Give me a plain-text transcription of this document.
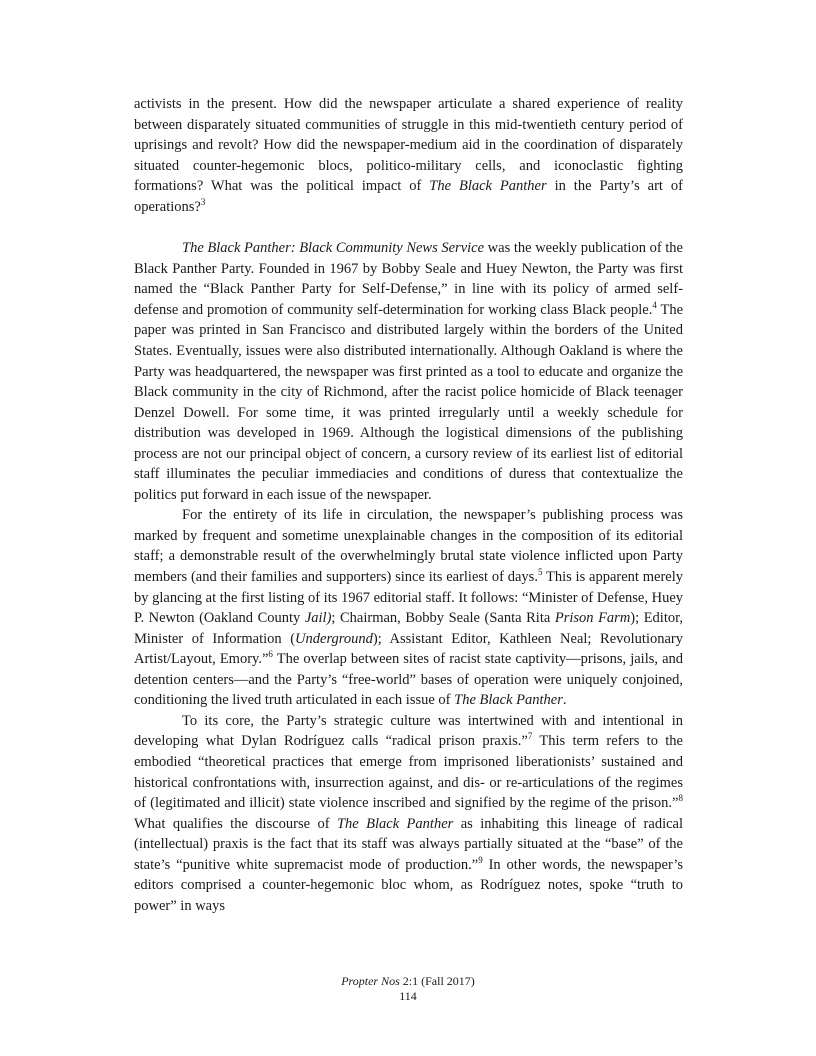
activists in the present. How did the newspaper articulate a shared experience of reality between disparately situated communities of struggle in this mid-twentieth century period of uprisings and revolt? How did the newspaper-medium aid in the coordination of disparately situated counter-hegemonic blocs, politico-military cells, and iconoclastic fighting formations? What was the political impact of The Black Panther in the Party’s art of operations?$^3$

The Black Panther: Black Community News Service was the weekly publication of the Black Panther Party. Founded in 1967 by Bobby Seale and Huey Newton, the Party was first named the “Black Panther Party for Self-Defense,” in line with its policy of armed self-defense and promotion of community self-determination for working class Black people.$^4$ The paper was printed in San Francisco and distributed largely within the borders of the United States. Eventually, issues were also distributed internationally. Although Oakland is where the Party was headquartered, the newspaper was first printed as a tool to educate and organize the Black community in the city of Richmond, after the racist police homicide of Black teenager Denzel Dowell. For some time, it was printed irregularly until a weekly schedule for distribution was developed in 1969. Although the logistical dimensions of the publishing process are not our principal object of concern, a cursory review of its earliest list of editorial staff illuminates the peculiar immediacies and conditions of duress that contextualize the politics put forward in each issue of the newspaper.

For the entirety of its life in circulation, the newspaper’s publishing process was marked by frequent and sometime unexplainable changes in the composition of its editorial staff; a demonstrable result of the overwhelmingly brutal state violence inflicted upon Party members (and their families and supporters) since its earliest of days.$^5$ This is apparent merely by glancing at the first listing of its 1967 editorial staff. It follows: “Minister of Defense, Huey P. Newton (Oakland County Jail); Chairman, Bobby Seale (Santa Rita Prison Farm); Editor, Minister of Information (Underground); Assistant Editor, Kathleen Neal; Revolutionary Artist/Layout, Emory.”$^6$ The overlap between sites of racist state captivity—prisons, jails, and detention centers—and the Party’s “free-world” bases of operation were uniquely conjoined, conditioning the lived truth articulated in each issue of The Black Panther.

To its core, the Party’s strategic culture was intertwined with and intentional in developing what Dylan Rodríguez calls “radical prison praxis.”$^7$ This term refers to the embodied “theoretical practices that emerge from imprisoned liberationists’ sustained and historical confrontations with, insurrection against, and dis- or re-articulations of the regimes of (legitimated and illicit) state violence inscribed and signified by the regime of the prison.”$^8$ What qualifies the discourse of The Black Panther as inhabiting this lineage of radical (intellectual) praxis is the fact that its staff was always partially situated at the “base” of the state’s “punitive white supremacist mode of production.”$^9$ In other words, the newspaper’s editors comprised a counter-hegemonic bloc whom, as Rodríguez notes, spoke “truth to power” in ways

Propter Nos 2:1 (Fall 2017)
114
